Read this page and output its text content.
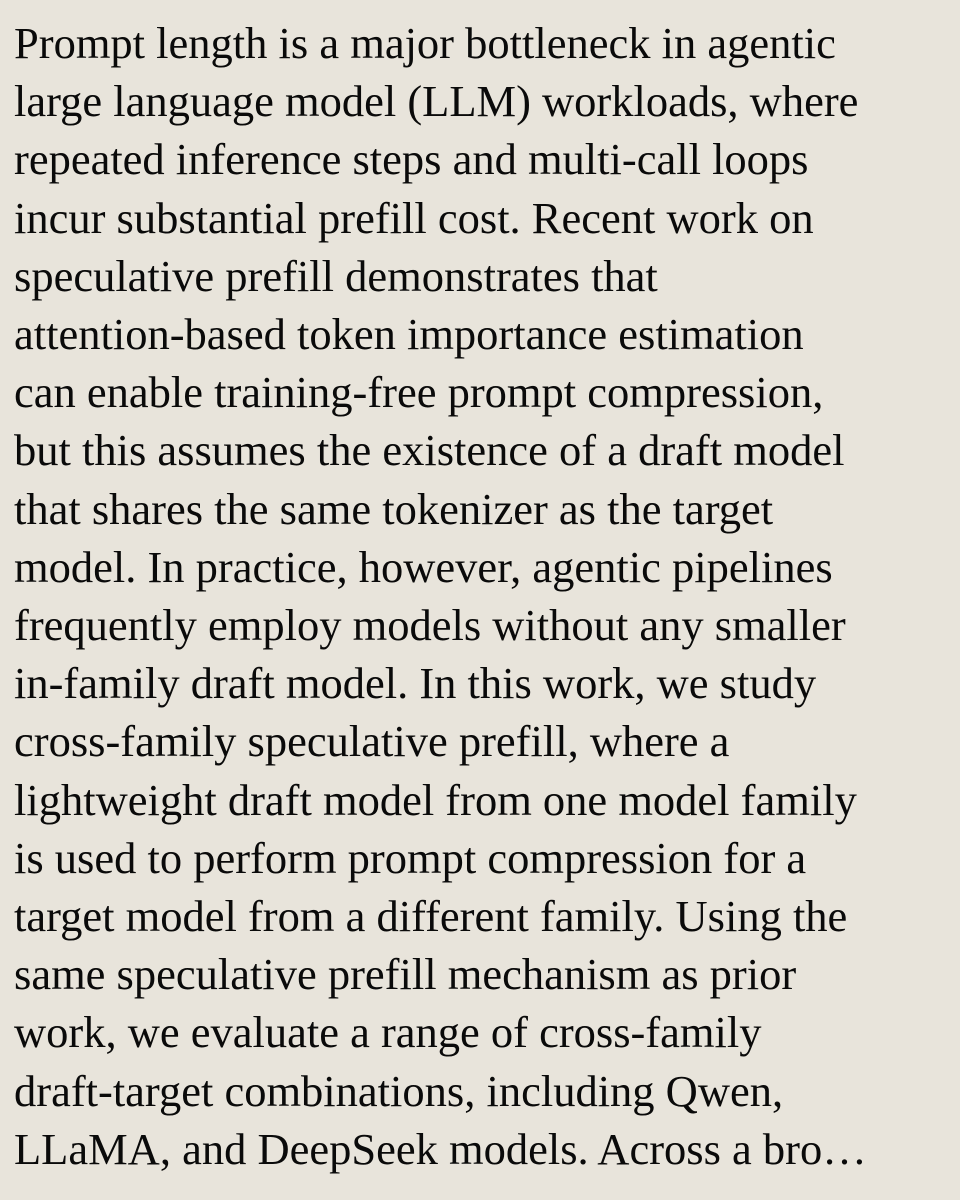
Prompt length is a major bottleneck in agentic
large language model (LLM) workloads, where
repeated inference steps and multi-call loops
incur substantial prefill cost. Recent work on
speculative prefill demonstrates that
attention-based token importance estimation
can enable training-free prompt compression,
but this assumes the existence of a draft model
that shares the same tokenizer as the target
model. In practice, however, agentic pipelines
frequently employ models without any smaller
in-family draft model. In this work, we study
cross-family speculative prefill, where a
lightweight draft model from one model family
is used to perform prompt compression for a
target model from a different family. Using the
same speculative prefill mechanism as prior
work, we evaluate a range of cross-family
draft-target combinations, including Qwen,
LLaMA, and DeepSeek models. Across a bro…
